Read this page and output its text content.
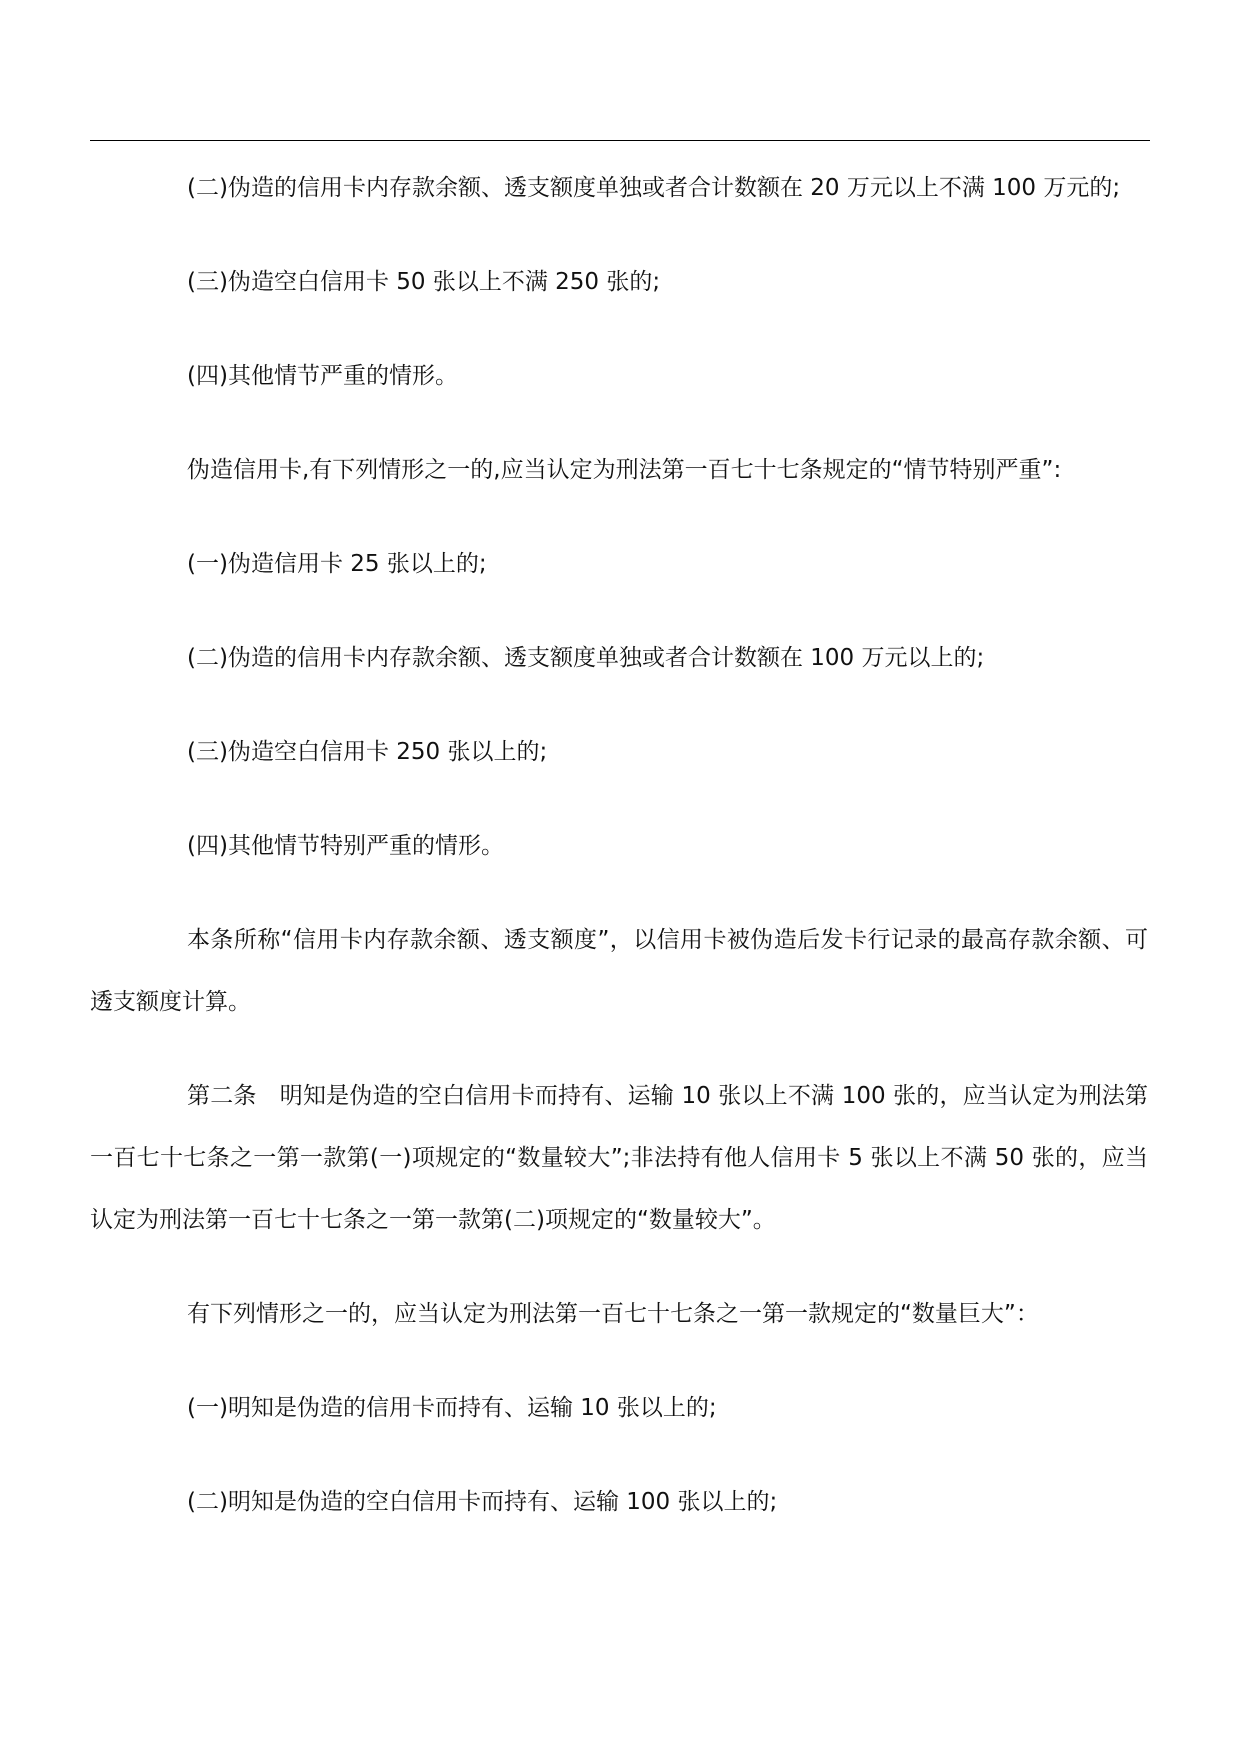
(二)伪造的信用卡内存款余额、透支额度单独或者合计数额在 20 万元以上不满 100 万元的;

(三)伪造空白信用卡 50 张以上不满 250 张的;

(四)其他情节严重的情形。

伪造信用卡,有下列情形之一的,应当认定为刑法第一百七十七条规定的“情节特别严重”:

(一)伪造信用卡 25 张以上的;

(二)伪造的信用卡内存款余额、透支额度单独或者合计数额在 100 万元以上的;

(三)伪造空白信用卡 250 张以上的;

(四)其他情节特别严重的情形。

本条所称“信用卡内存款余额、透支额度”，以信用卡被伪造后发卡行记录的最高存款余额、可透支额度计算。

第二条　明知是伪造的空白信用卡而持有、运输 10 张以上不满 100 张的，应当认定为刑法第一百七十七条之一第一款第(一)项规定的“数量较大”;非法持有他人信用卡 5 张以上不满 50 张的，应当认定为刑法第一百七十七条之一第一款第(二)项规定的“数量较大”。

有下列情形之一的，应当认定为刑法第一百七十七条之一第一款规定的“数量巨大”：

(一)明知是伪造的信用卡而持有、运输 10 张以上的;

(二)明知是伪造的空白信用卡而持有、运输 100 张以上的;
